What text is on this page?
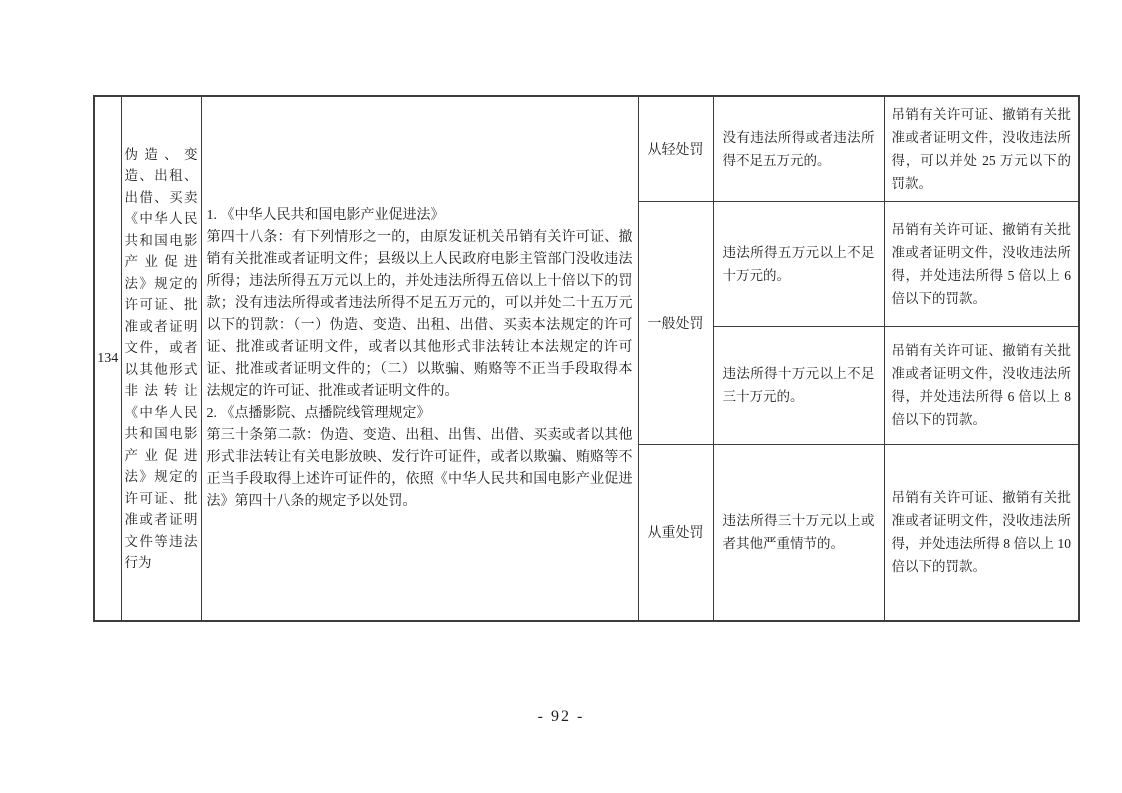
134	伪造、变造、出租、出借、买卖《中华人民共和国电影产业促进法》规定的许可证、批准或者证明文件，或者以其他形式非法转让《中华人民共和国电影产业促进法》规定的许可证、批准或者证明文件等违法行为	1. 《中华人民共和国电影产业促进法》

第四十八条：有下列情形之一的，由原发证机关吊销有关许可证、撤销有关批准或者证明文件；县级以上人民政府电影主管部门没收违法所得；违法所得五万元以上的，并处违法所得五倍以上十倍以下的罚款；没有违法所得或者违法所得不足五万元的，可以并处二十五万元以下的罚款：（一）伪造、变造、出租、出借、买卖本法规定的许可证、批准或者证明文件，或者以其他形式非法转让本法规定的许可证、批准或者证明文件的；（二）以欺骗、贿赂等不正当手段取得本法规定的许可证、批准或者证明文件的。

2. 《点播影院、点播院线管理规定》

第三十条第二款：伪造、变造、出租、出售、出借、买卖或者以其他形式非法转让有关电影放映、发行许可证件，或者以欺骗、贿赂等不正当手段取得上述许可证件的，依照《中华人民共和国电影产业促进法》第四十八条的规定予以处罚。	从轻处罚	没有违法所得或者违法所得不足五万元的。	吊销有关许可证、撤销有关批准或者证明文件，没收违法所得，可以并处 25 万元以下的罚款。
			一般处罚	违法所得五万元以上不足十万元的。	吊销有关许可证、撤销有关批准或者证明文件，没收违法所得，并处违法所得 5 倍以上 6 倍以下的罚款。
				违法所得十万元以上不足三十万元的。	吊销有关许可证、撤销有关批准或者证明文件，没收违法所得，并处违法所得 6 倍以上 8 倍以下的罚款。
			从重处罚	违法所得三十万元以上或者其他严重情节的。	吊销有关许可证、撤销有关批准或者证明文件，没收违法所得，并处违法所得 8 倍以上 10 倍以下的罚款。
- 92 -
